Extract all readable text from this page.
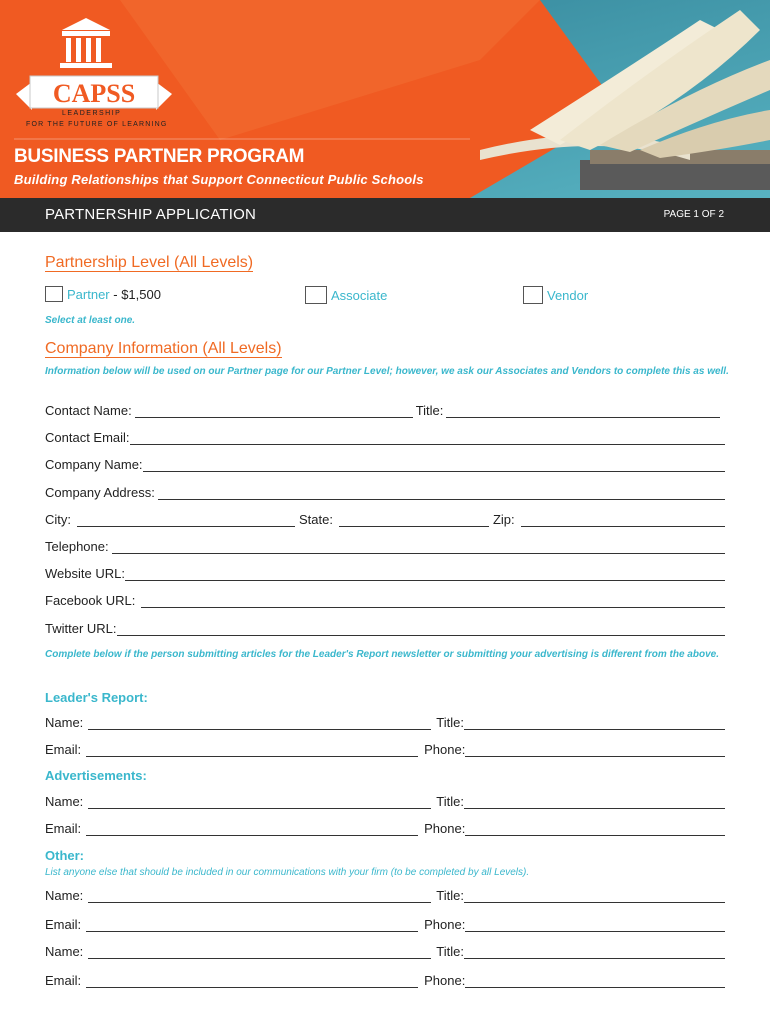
CAPSS
LEADERSHIP
FOR THE FUTURE OF LEARNING
BUSINESS PARTNER PROGRAM
Building Relationships that Support Connecticut Public Schools
PARTNERSHIP APPLICATION	PAGE 1 OF 2
Partnership Level (All Levels)
Partner - $1,500	Associate	Vendor
Select at least one.
Company Information (All Levels)
Information below will be used on our Partner page for our Partner Level; however, we ask our Associates and Vendors to complete this as well.
Contact Name:	Title:
Contact Email:
Company Name:
Company Address:
City:	State:	Zip:
Telephone:
Website URL:
Facebook URL:
Twitter URL:
Complete below if the person submitting articles for the Leader's Report newsletter or submitting your advertising is different from the above.
Leader's Report:
Name:	Title:
Email:	Phone:
Advertisements:
Name:	Title:
Email:	Phone:
Other:
List anyone else that should be included in our communications with your firm (to be completed by all Levels).
Name:	Title:
Email:	Phone:
Name:	Title:
Email:	Phone:
